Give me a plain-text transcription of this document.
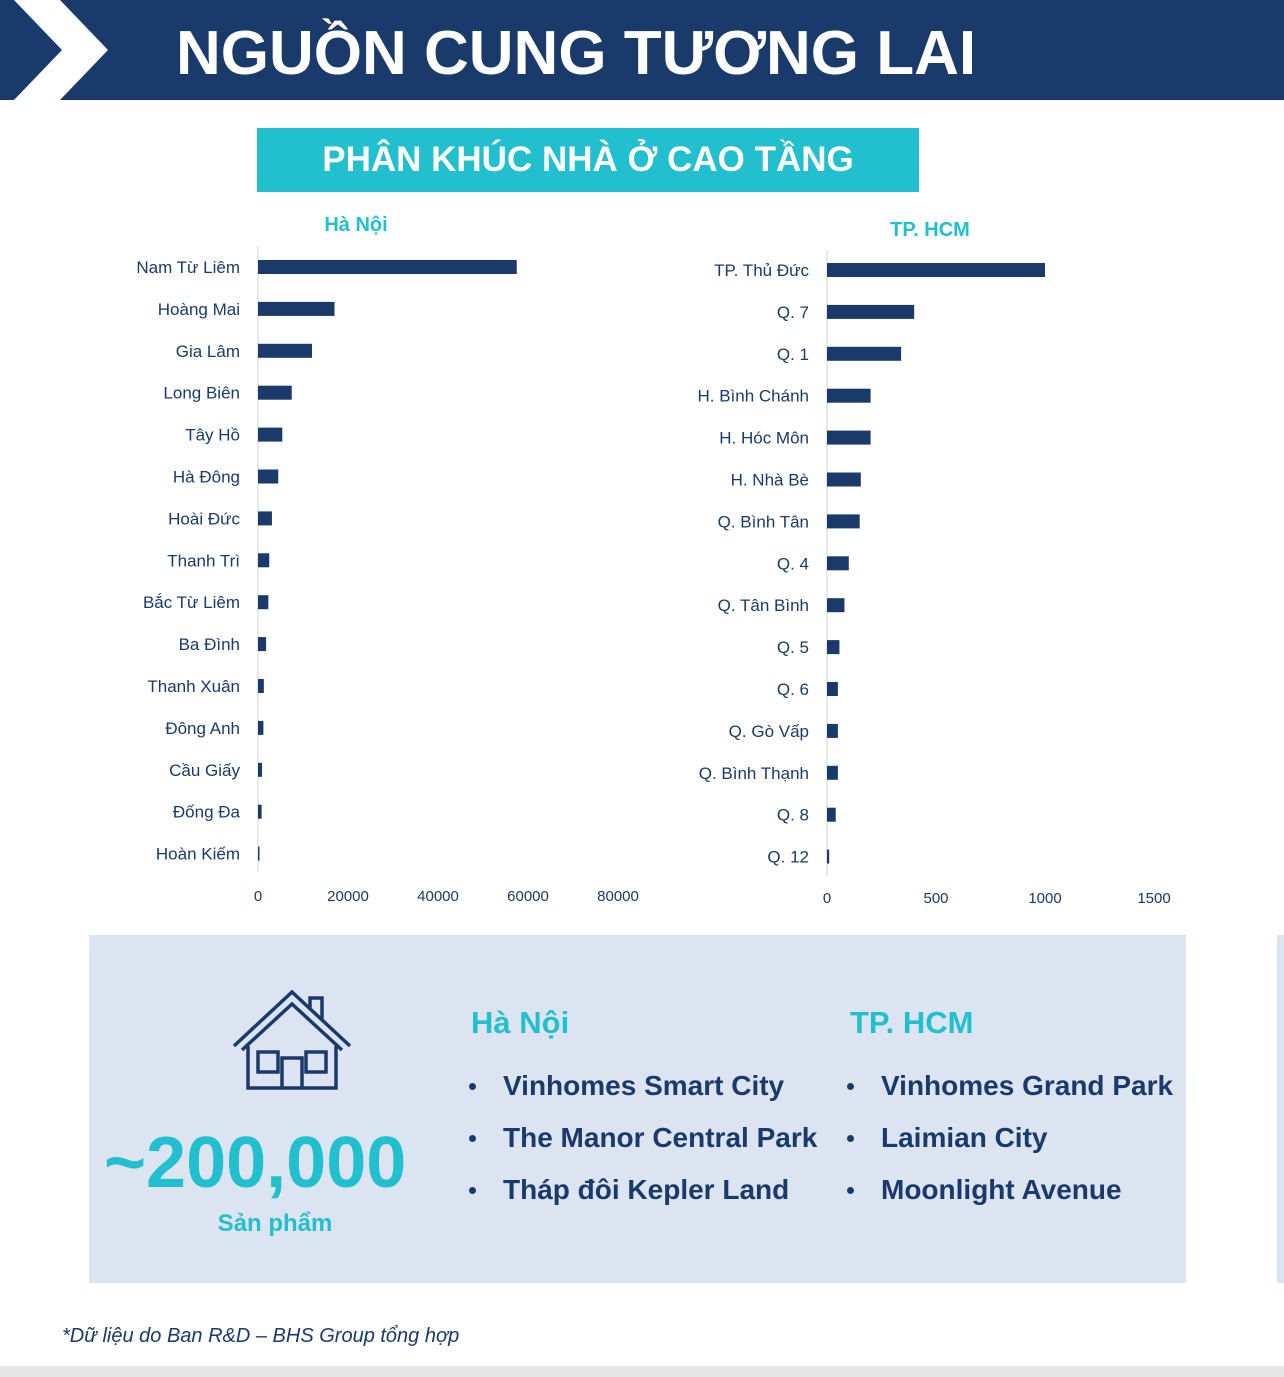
NGUỒN CUNG TƯƠNG LAI
PHÂN KHÚC NHÀ Ở CAO TẦNG
Hà Nội
Nam Từ Liêm
Hoàng Mai
Gia Lâm
Long Biên
Tây Hồ
Hà Đông
Hoài Đức
Thanh Trì
Bắc Từ Liêm
Ba Đình
Thanh Xuân
Đông Anh
Cầu Giấy
Đống Đa
Hoàn Kiếm
0	20000	40000	60000	80000
TP. HCM
TP. Thủ Đức
Q. 7
Q. 1
H. Bình Chánh
H. Hóc Môn
H. Nhà Bè
Q. Bình Tân
Q. 4
Q. Tân Bình
Q. 5
Q. 6
Q. Gò Vấp
Q. Bình Thạnh
Q. 8
Q. 12
0	500	1000	1500
~200,000
Sản phẩm
Hà Nội
Vinhomes Smart City
The Manor Central Park
Tháp đôi Kepler Land
TP. HCM
Vinhomes Grand Park
Laimian City
Moonlight Avenue
*Dữ liệu do Ban R&D – BHS Group tổng hợp
